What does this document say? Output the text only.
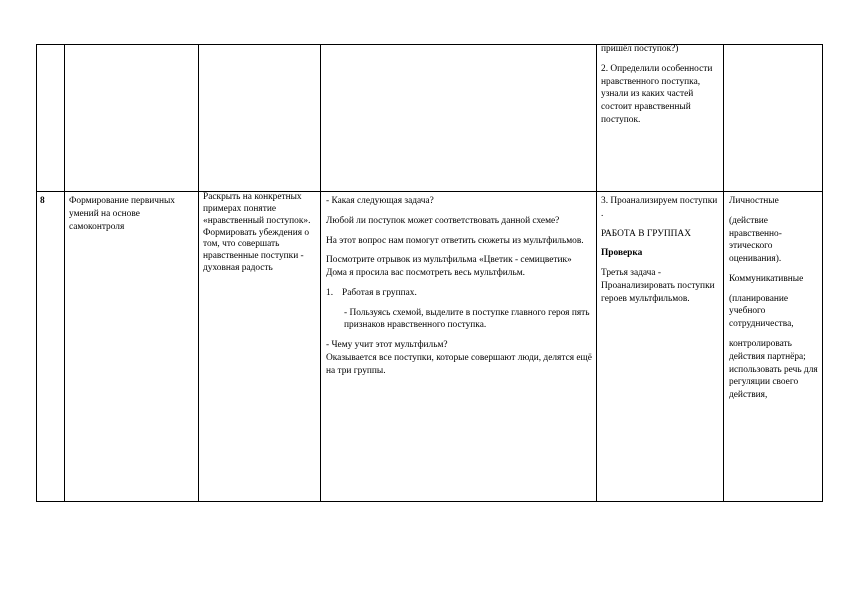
пришёл поступок?)

2. Определили особенности нравственного поступка, узнали из каких частей состоит нравственный поступок.

8	Формирование первичных умений на основе самоконтроля

Раскрыть на конкретных примерах понятие «нравственный поступок». Формировать убеждения о том, что совершать нравственные поступки - духовная радость

- Какая следующая задача?

Любой ли поступок может соответствовать данной схеме?

На этот вопрос нам помогут ответить сюжеты из мультфильмов.

Посмотрите отрывок из мультфильма «Цветик - семицветик» Дома я просила вас посмотреть весь мультфильм.

1. Работая в группах.

- Пользуясь схемой, выделите в поступке главного героя пять признаков нравственного поступка.

- Чему учит этот мультфильм?

Оказывается все поступки, которые совершают люди, делятся ещё на три группы.

3. Проанализируем поступки .

РАБОТА В ГРУППАХ

Проверка

Третья задача - Проанализировать поступки героев мультфильмов.

Личностные

(действие нравственно-этического оценивания).

Коммуникативные

(планирование учебного сотрудничества,

контролировать действия партнёра; использовать речь для регуляции своего действия,
